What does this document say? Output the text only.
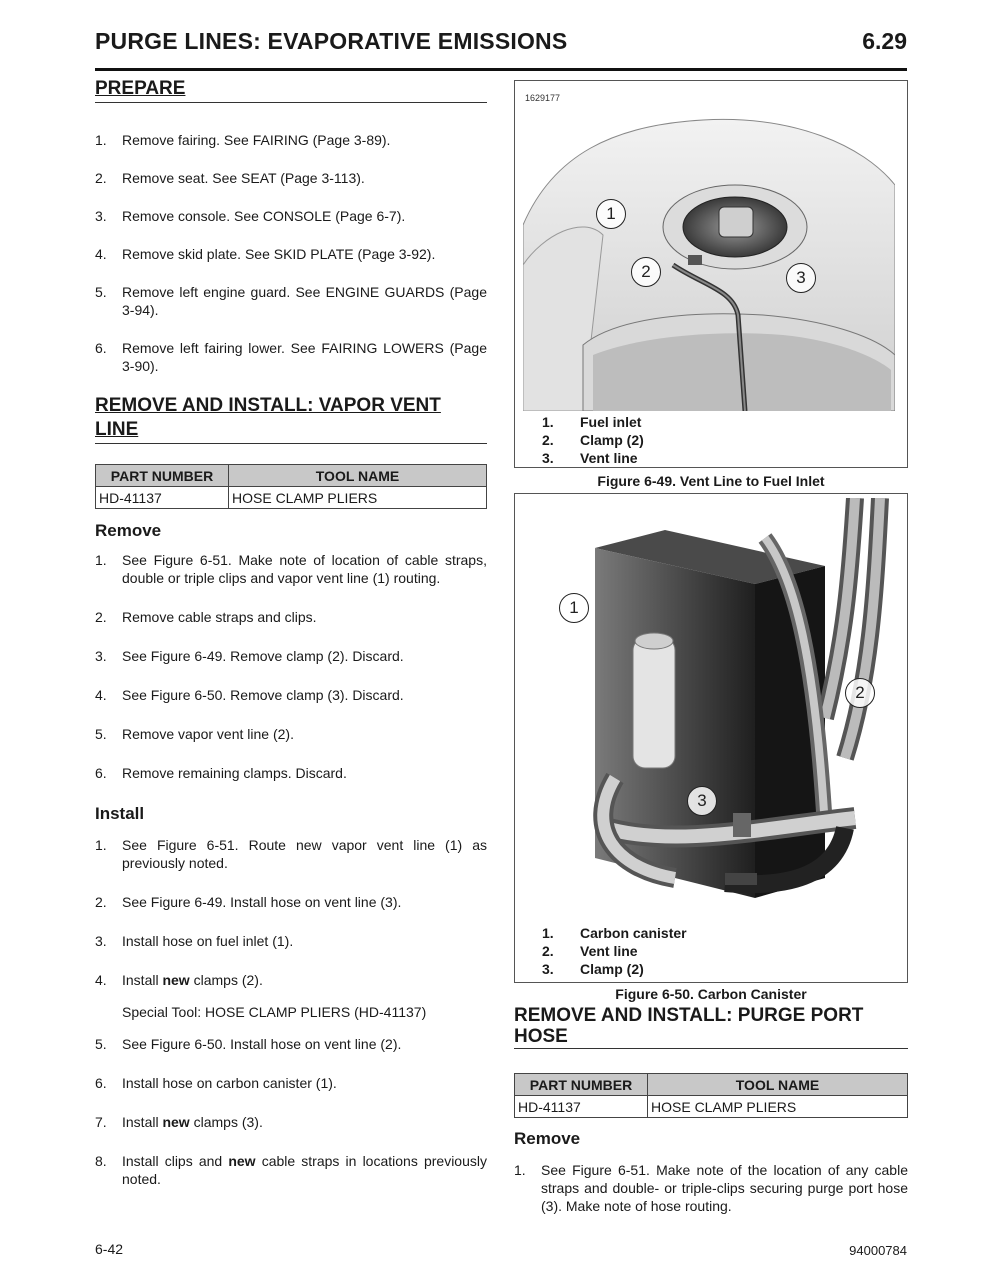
PURGE LINES: EVAPORATIVE EMISSIONS	6.29
PREPARE
1. Remove fairing. See FAIRING (Page 3-89).
2. Remove seat. See SEAT (Page 3-113).
3. Remove console. See CONSOLE (Page 6-7).
4. Remove skid plate. See SKID PLATE (Page 3-92).
5. Remove left engine guard. See ENGINE GUARDS (Page 3-94).
6. Remove left fairing lower. See FAIRING LOWERS (Page 3-90).
REMOVE AND INSTALL: VAPOR VENT LINE
PART NUMBER	TOOL NAME
HD-41137	HOSE CLAMP PLIERS
Remove
1. See Figure 6-51. Make note of location of cable straps, double or triple clips and vapor vent line (1) routing.
2. Remove cable straps and clips.
3. See Figure 6-49. Remove clamp (2). Discard.
4. See Figure 6-50. Remove clamp (3). Discard.
5. Remove vapor vent line (2).
6. Remove remaining clamps. Discard.
Install
1. See Figure 6-51. Route new vapor vent line (1) as previously noted.
2. See Figure 6-49. Install hose on vent line (3).
3. Install hose on fuel inlet (1).
4. Install new clamps (2).
Special Tool: HOSE CLAMP PLIERS (HD-41137)
5. See Figure 6-50. Install hose on vent line (2).
6. Install hose on carbon canister (1).
7. Install new clamps (3).
8. Install clips and new cable straps in locations previously noted.
1629177
1
2	3
1.	Fuel inlet
2.	Clamp (2)
3.	Vent line
Figure 6-49. Vent Line to Fuel Inlet
1
2
3
1.	Carbon canister
2.	Vent line
3.	Clamp (2)
Figure 6-50. Carbon Canister
REMOVE AND INSTALL: PURGE PORT HOSE
PART NUMBER	TOOL NAME
HD-41137	HOSE CLAMP PLIERS
Remove
1. See Figure 6-51. Make note of the location of any cable straps and double- or triple-clips securing purge port hose (3). Make note of hose routing.
6-42	94000784
